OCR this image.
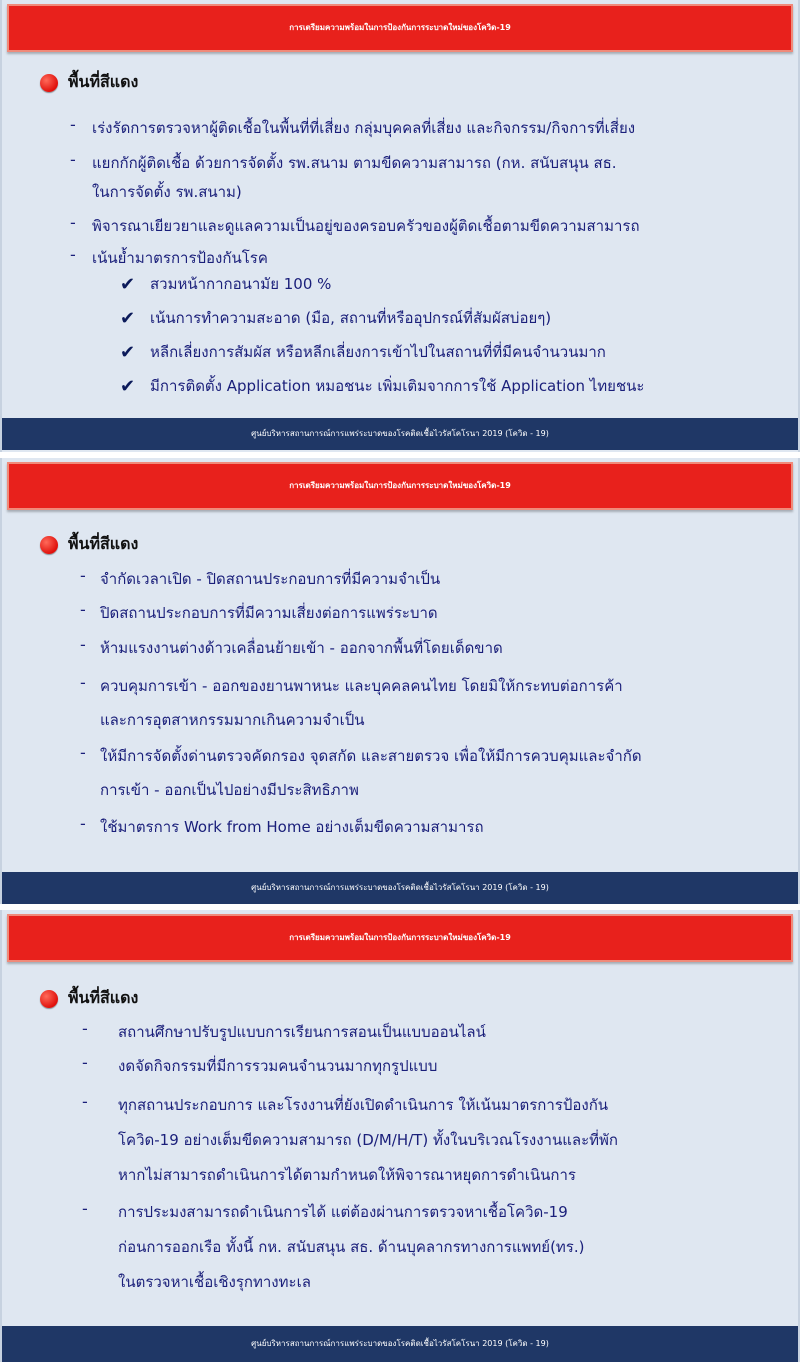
การเตรียมความพร้อมในการป้องกันการระบาดใหม่ของโควิด-19
พื้นที่สีแดง
- เร่งรัดการตรวจหาผู้ติดเชื้อในพื้นที่ที่เสี่ยง กลุ่มบุคคลที่เสี่ยง และกิจกรรม/กิจการที่เสี่ยง
- แยกกักผู้ติดเชื้อ ด้วยการจัดตั้ง รพ.สนาม ตามขีดความสามารถ (กห. สนับสนุน สธ.
ในการจัดตั้ง รพ.สนาม)
- พิจารณาเยียวยาและดูแลความเป็นอยู่ของครอบครัวของผู้ติดเชื้อตามขีดความสามารถ
- เน้นย้ำมาตรการป้องกันโรค
✔ สวมหน้ากากอนามัย 100 %
✔ เน้นการทำความสะอาด (มือ, สถานที่หรืออุปกรณ์ที่สัมผัสบ่อยๆ)
✔ หลีกเลี่ยงการสัมผัส หรือหลีกเลี่ยงการเข้าไปในสถานที่ที่มีคนจำนวนมาก
✔ มีการติดตั้ง Application หมอชนะ เพิ่มเติมจากการใช้ Application ไทยชนะ
ศูนย์บริหารสถานการณ์การแพร่ระบาดของโรคติดเชื้อไวรัสโคโรนา 2019 (โควิด - 19)
การเตรียมความพร้อมในการป้องกันการระบาดใหม่ของโควิด-19
พื้นที่สีแดง
- จำกัดเวลาเปิด - ปิดสถานประกอบการที่มีความจำเป็น
- ปิดสถานประกอบการที่มีความเสี่ยงต่อการแพร่ระบาด
- ห้ามแรงงานต่างด้าวเคลื่อนย้ายเข้า - ออกจากพื้นที่โดยเด็ดขาด
- ควบคุมการเข้า - ออกของยานพาหนะ และบุคคลคนไทย โดยมิให้กระทบต่อการค้า
และการอุตสาหกรรมมากเกินความจำเป็น
- ให้มีการจัดตั้งด่านตรวจคัดกรอง จุดสกัด และสายตรวจ เพื่อให้มีการควบคุมและจำกัด
การเข้า - ออกเป็นไปอย่างมีประสิทธิภาพ
- ใช้มาตรการ Work from Home อย่างเต็มขีดความสามารถ
ศูนย์บริหารสถานการณ์การแพร่ระบาดของโรคติดเชื้อไวรัสโคโรนา 2019 (โควิด - 19)
การเตรียมความพร้อมในการป้องกันการระบาดใหม่ของโควิด-19
พื้นที่สีแดง
- สถานศึกษาปรับรูปแบบการเรียนการสอนเป็นแบบออนไลน์
- งดจัดกิจกรรมที่มีการรวมคนจำนวนมากทุกรูปแบบ
- ทุกสถานประกอบการ และโรงงานที่ยังเปิดดำเนินการ ให้เน้นมาตรการป้องกัน
โควิด-19 อย่างเต็มขีดความสามารถ (D/M/H/T) ทั้งในบริเวณโรงงานและที่พัก
หากไม่สามารถดำเนินการได้ตามกำหนดให้พิจารณาหยุดการดำเนินการ
- การประมงสามารถดำเนินการได้ แต่ต้องผ่านการตรวจหาเชื้อโควิด-19
ก่อนการออกเรือ ทั้งนี้ กห. สนับสนุน สธ. ด้านบุคลากรทางการแพทย์(ทร.)
ในตรวจหาเชื้อเชิงรุกทางทะเล
ศูนย์บริหารสถานการณ์การแพร่ระบาดของโรคติดเชื้อไวรัสโคโรนา 2019 (โควิด - 19)
